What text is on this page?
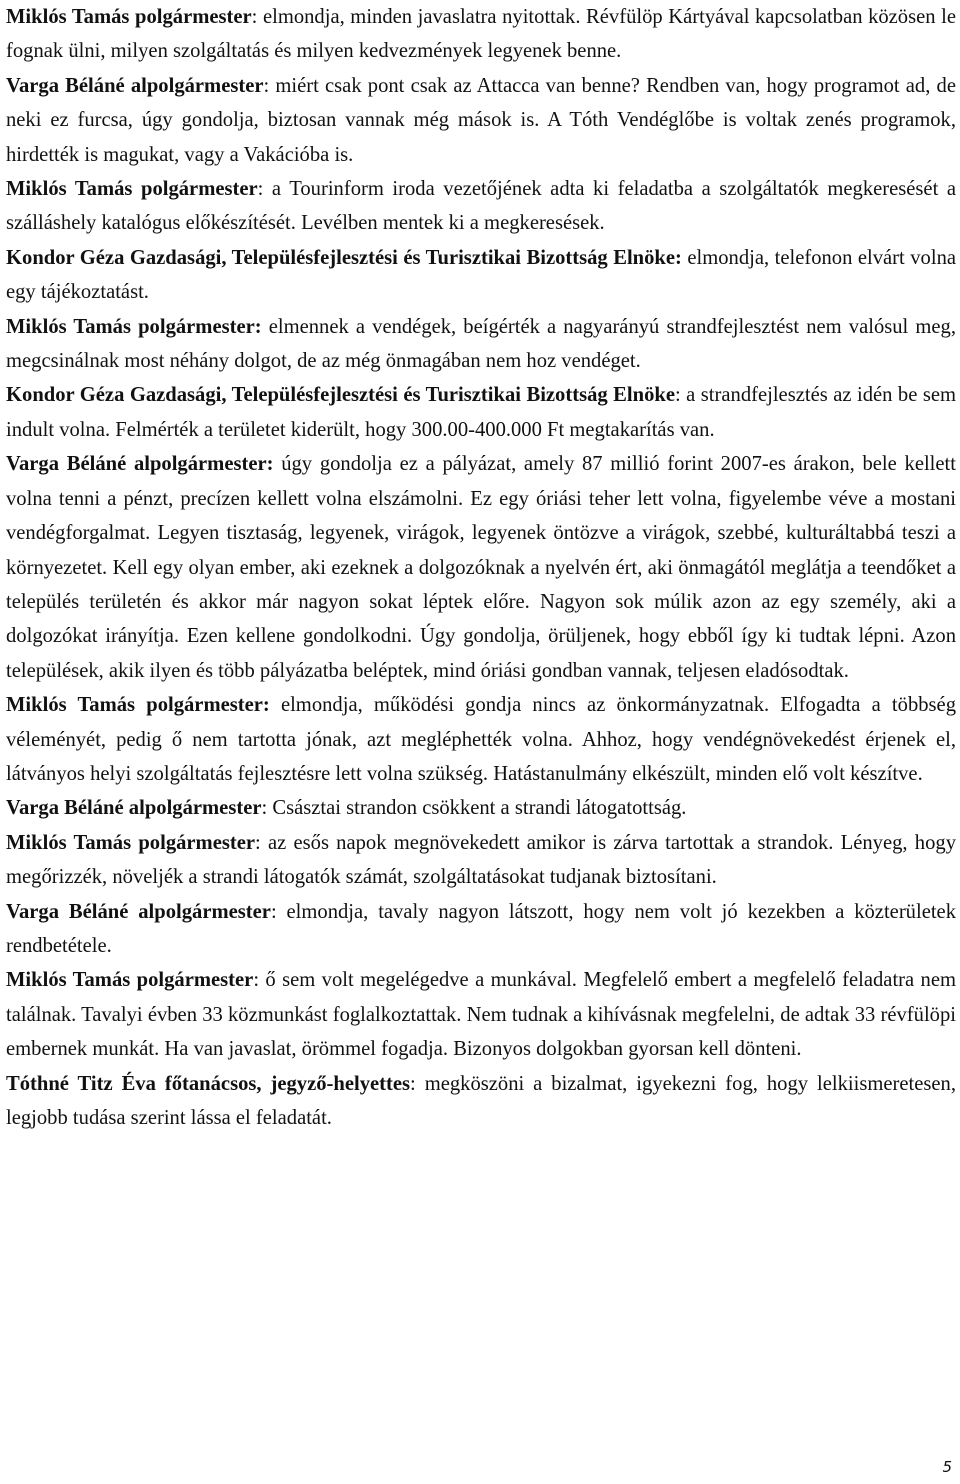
Miklós Tamás polgármester: elmondja, minden javaslatra nyitottak. Révfülöp Kártyával kapcsolatban közösen le fognak ülni, milyen szolgáltatás és milyen kedvezmények legyenek benne.

Varga Béláné alpolgármester: miért csak pont csak az Attacca van benne? Rendben van, hogy programot ad, de neki ez furcsa, úgy gondolja, biztosan vannak még mások is. A Tóth Vendéglőbe is voltak zenés programok, hirdették is magukat, vagy a Vakációba is.

Miklós Tamás polgármester: a Tourinform iroda vezetőjének adta ki feladatba a szolgáltatók megkeresését a szálláshely katalógus előkészítését. Levélben mentek ki a megkeresések.

Kondor Géza Gazdasági, Településfejlesztési és Turisztikai Bizottság Elnöke: elmondja, telefonon elvárt volna egy tájékoztatást.

Miklós Tamás polgármester: elmennek a vendégek, beígérték a nagyarányú strandfejlesztést nem valósul meg, megcsinálnak most néhány dolgot, de az még önmagában nem hoz vendéget.

Kondor Géza Gazdasági, Településfejlesztési és Turisztikai Bizottság Elnöke: a strandfejlesztés az idén be sem indult volna. Felmérték a területet kiderült, hogy 300.00-400.000 Ft megtakarítás van.

Varga Béláné alpolgármester: úgy gondolja ez a pályázat, amely 87 millió forint 2007-es árakon, bele kellett volna tenni a pénzt, precízen kellett volna elszámolni. Ez egy óriási teher lett volna, figyelembe véve a mostani vendégforgalmat. Legyen tisztaság, legyenek, virágok, legyenek öntözve a virágok, szebbé, kulturáltabbá teszi a környezetet. Kell egy olyan ember, aki ezeknek a dolgozóknak a nyelvén ért, aki önmagától meglátja a teendőket a település területén és akkor már nagyon sokat léptek előre. Nagyon sok múlik azon az egy személy, aki a dolgozókat irányítja. Ezen kellene gondolkodni. Úgy gondolja, örüljenek, hogy ebből így ki tudtak lépni. Azon települések, akik ilyen és több pályázatba beléptek, mind óriási gondban vannak, teljesen eladósodtak.

Miklós Tamás polgármester: elmondja, működési gondja nincs az önkormányzatnak. Elfogadta a többség véleményét, pedig ő nem tartotta jónak, azt megléphették volna. Ahhoz, hogy vendégnövekedést érjenek el, látványos helyi szolgáltatás fejlesztésre lett volna szükség. Hatástanulmány elkészült, minden elő volt készítve.

Varga Béláné alpolgármester: Császtai strandon csökkent a strandi látogatottság.

Miklós Tamás polgármester: az esős napok megnövekedett amikor is zárva tartottak a strandok. Lényeg, hogy megőrizzék, növeljék a strandi látogatók számát, szolgáltatásokat tudjanak biztosítani.

Varga Béláné alpolgármester: elmondja, tavaly nagyon látszott, hogy nem volt jó kezekben a közterületek rendbetétele.

Miklós Tamás polgármester: ő sem volt megelégedve a munkával. Megfelelő embert a megfelelő feladatra nem találnak. Tavalyi évben 33 közmunkást foglalkoztattak. Nem tudnak a kihívásnak megfelelni, de adtak 33 révfülöpi embernek munkát. Ha van javaslat, örömmel fogadja. Bizonyos dolgokban gyorsan kell dönteni.

Tóthné Titz Éva főtanácsos, jegyző-helyettes: megköszöni a bizalmat, igyekezni fog, hogy lelkiismeretesen, legjobb tudása szerint lássa el feladatát.

5
